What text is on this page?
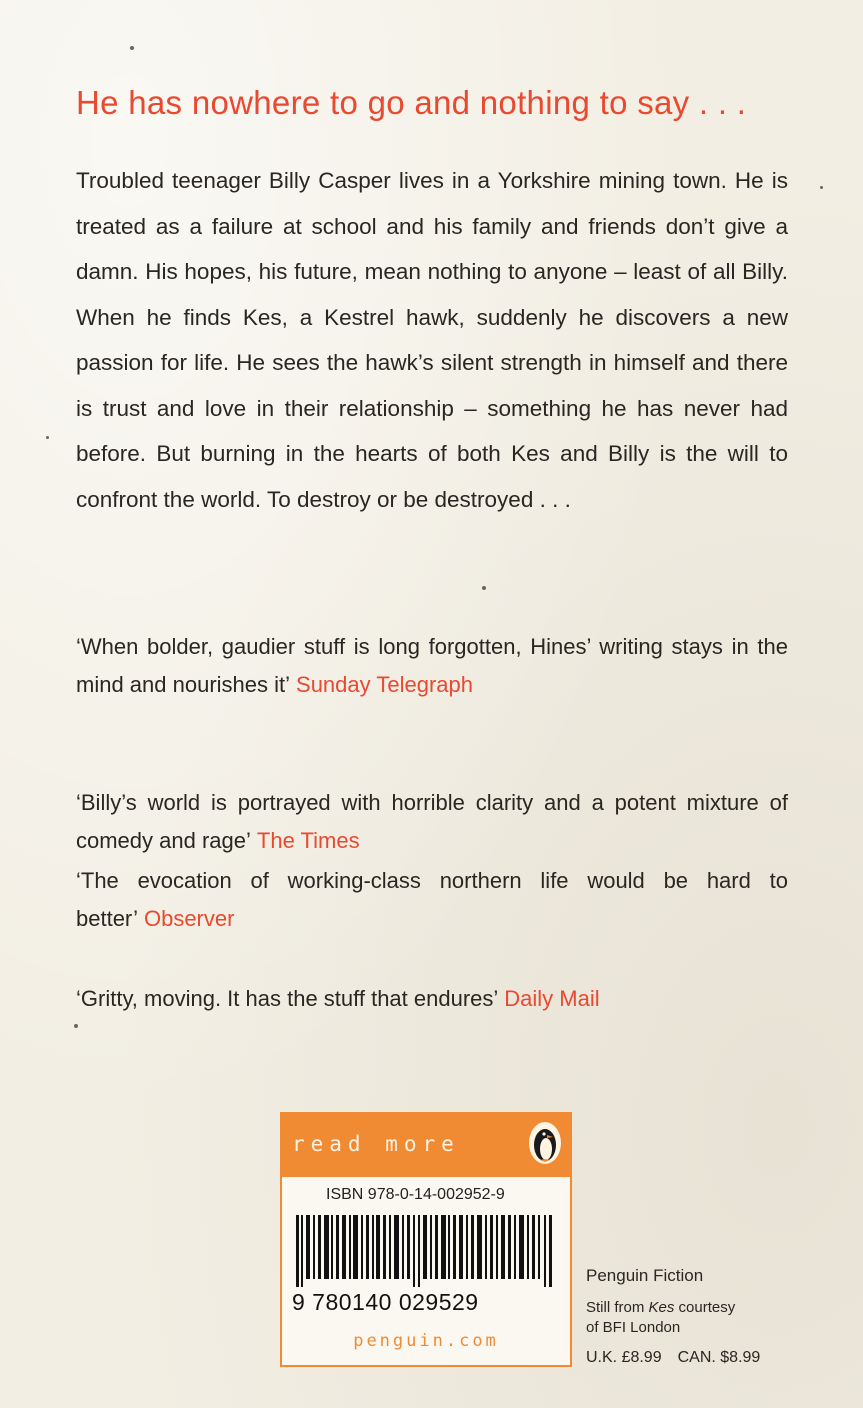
He has nowhere to go and nothing to say . . .
Troubled teenager Billy Casper lives in a Yorkshire mining town. He is treated as a failure at school and his family and friends don’t give a damn. His hopes, his future, mean nothing to anyone – least of all Billy. When he finds Kes, a Kestrel hawk, suddenly he discovers a new passion for life. He sees the hawk’s silent strength in himself and there is trust and love in their relationship – something he has never had before. But burning in the hearts of both Kes and Billy is the will to confront the world. To destroy or be destroyed . . .
‘When bolder, gaudier stuff is long forgotten, Hines’ writing stays in the mind and nourishes it’ Sunday Telegraph
‘Billy’s world is portrayed with horrible clarity and a potent mixture of comedy and rage’ The Times
‘The evocation of working-class northern life would be hard to better’ Observer
‘Gritty, moving. It has the stuff that endures’ Daily Mail
read more
ISBN 978-0-14-002952-9
9 780140 029529
penguin.com
Penguin Fiction
Still from Kes courtesy
of BFI London
U.K. £8.99 CAN. $8.99
